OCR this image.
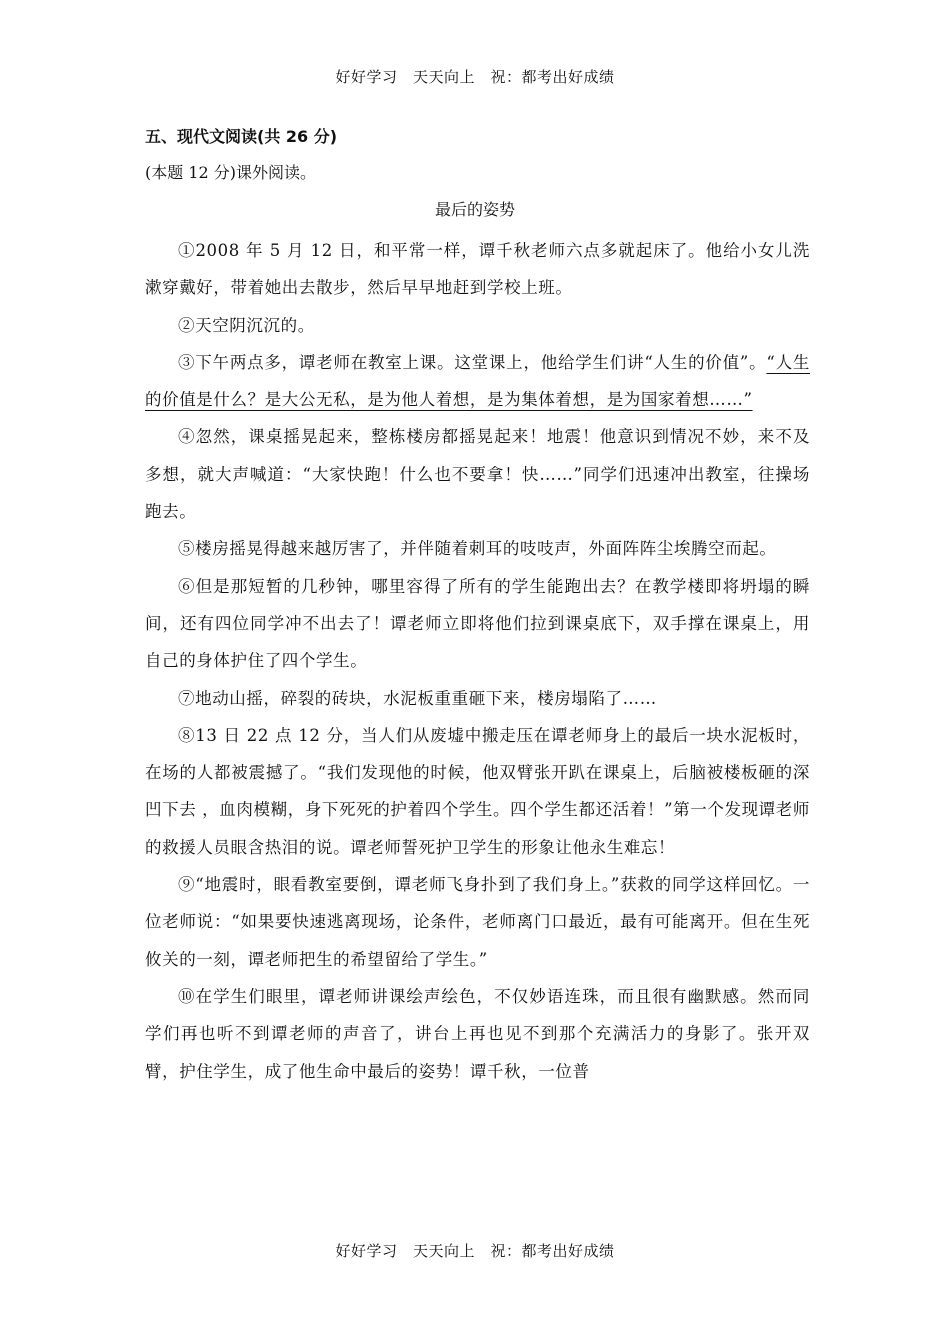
好好学习　天天向上　祝：都考出好成绩
五、现代文阅读(共 26 分)
(本题 12 分)课外阅读。
最后的姿势
①2008 年 5 月 12 日，和平常一样，谭千秋老师六点多就起床了。他给小女儿洗漱穿戴好，带着她出去散步，然后早早地赶到学校上班。
②天空阴沉沉的。
③下午两点多，谭老师在教室上课。这堂课上，他给学生们讲“人生的价值”。“人生的价值是什么？是大公无私，是为他人着想，是为集体着想，是为国家着想……”
④忽然，课桌摇晃起来，整栋楼房都摇晃起来！地震！他意识到情况不妙，来不及多想，就大声喊道：“大家快跑！什么也不要拿！快……”同学们迅速冲出教室，往操场跑去。
⑤楼房摇晃得越来越厉害了，并伴随着刺耳的吱吱声，外面阵阵尘埃腾空而起。
⑥但是那短暂的几秒钟，哪里容得了所有的学生能跑出去？在教学楼即将坍塌的瞬间，还有四位同学冲不出去了！谭老师立即将他们拉到课桌底下，双手撑在课桌上，用自己的身体护住了四个学生。
⑦地动山摇，碎裂的砖块，水泥板重重砸下来，楼房塌陷了……
⑧13 日 22 点 12 分，当人们从废墟中搬走压在谭老师身上的最后一块水泥板时，在场的人都被震撼了。“我们发现他的时候，他双臂张开趴在课桌上，后脑被楼板砸的深凹下去 ，血肉模糊，身下死死的护着四个学生。四个学生都还活着！”第一个发现谭老师的救援人员眼含热泪的说。谭老师誓死护卫学生的形象让他永生难忘！
⑨“地震时，眼看教室要倒，谭老师飞身扑到了我们身上。”获救的同学这样回忆。一位老师说：“如果要快速逃离现场，论条件，老师离门口最近，最有可能离开。但在生死攸关的一刻，谭老师把生的希望留给了学生。”
⑩在学生们眼里，谭老师讲课绘声绘色，不仅妙语连珠，而且很有幽默感。然而同学们再也听不到谭老师的声音了，讲台上再也见不到那个充满活力的身影了。张开双臂，护住学生，成了他生命中最后的姿势！谭千秋，一位普
好好学习　天天向上　祝：都考出好成绩
